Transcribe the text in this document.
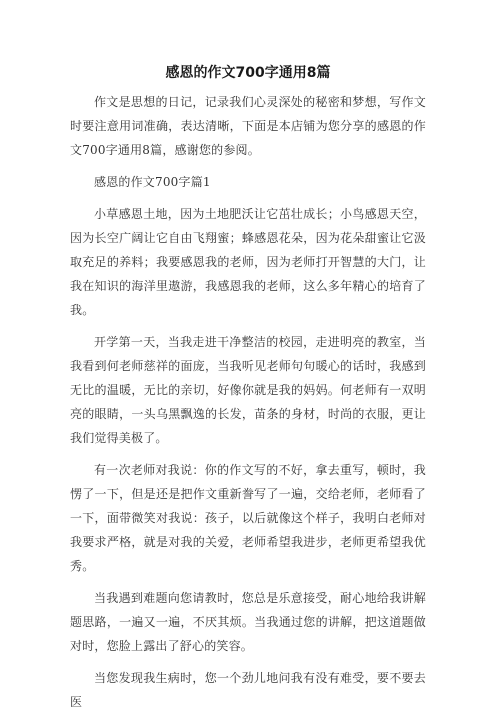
感恩的作文700字通用8篇

作文是思想的日记，记录我们心灵深处的秘密和梦想，写作文时要注意用词准确，表达清晰，下面是本店铺为您分享的感恩的作文700字通用8篇，感谢您的参阅。

感恩的作文700字篇1

小草感恩土地，因为土地肥沃让它茁壮成长；小鸟感恩天空，因为长空广阔让它自由飞翔蜜；蜂感恩花朵，因为花朵甜蜜让它汲取充足的养料；我要感恩我的老师，因为老师打开智慧的大门，让我在知识的海洋里遨游，我感恩我的老师，这么多年精心的培育了我。

开学第一天，当我走进干净整洁的校园，走进明亮的教室，当我看到何老师慈祥的面庞，当我听见老师句句暖心的话时，我感到无比的温暖，无比的亲切，好像你就是我的妈妈。何老师有一双明亮的眼睛，一头乌黑飘逸的长发，苗条的身材，时尚的衣服，更让我们觉得美极了。

有一次老师对我说：你的作文写的不好，拿去重写，顿时，我愣了一下，但是还是把作文重新誊写了一遍，交给老师，老师看了一下，面带微笑对我说：孩子，以后就像这个样子，我明白老师对我要求严格，就是对我的关爱，老师希望我进步，老师更希望我优秀。

当我遇到难题向您请教时，您总是乐意接受，耐心地给我讲解题思路，一遍又一遍，不厌其烦。当我通过您的讲解，把这道题做对时，您脸上露出了舒心的笑容。

当您发现我生病时，您一个劲儿地问我有没有难受，要不要去医
